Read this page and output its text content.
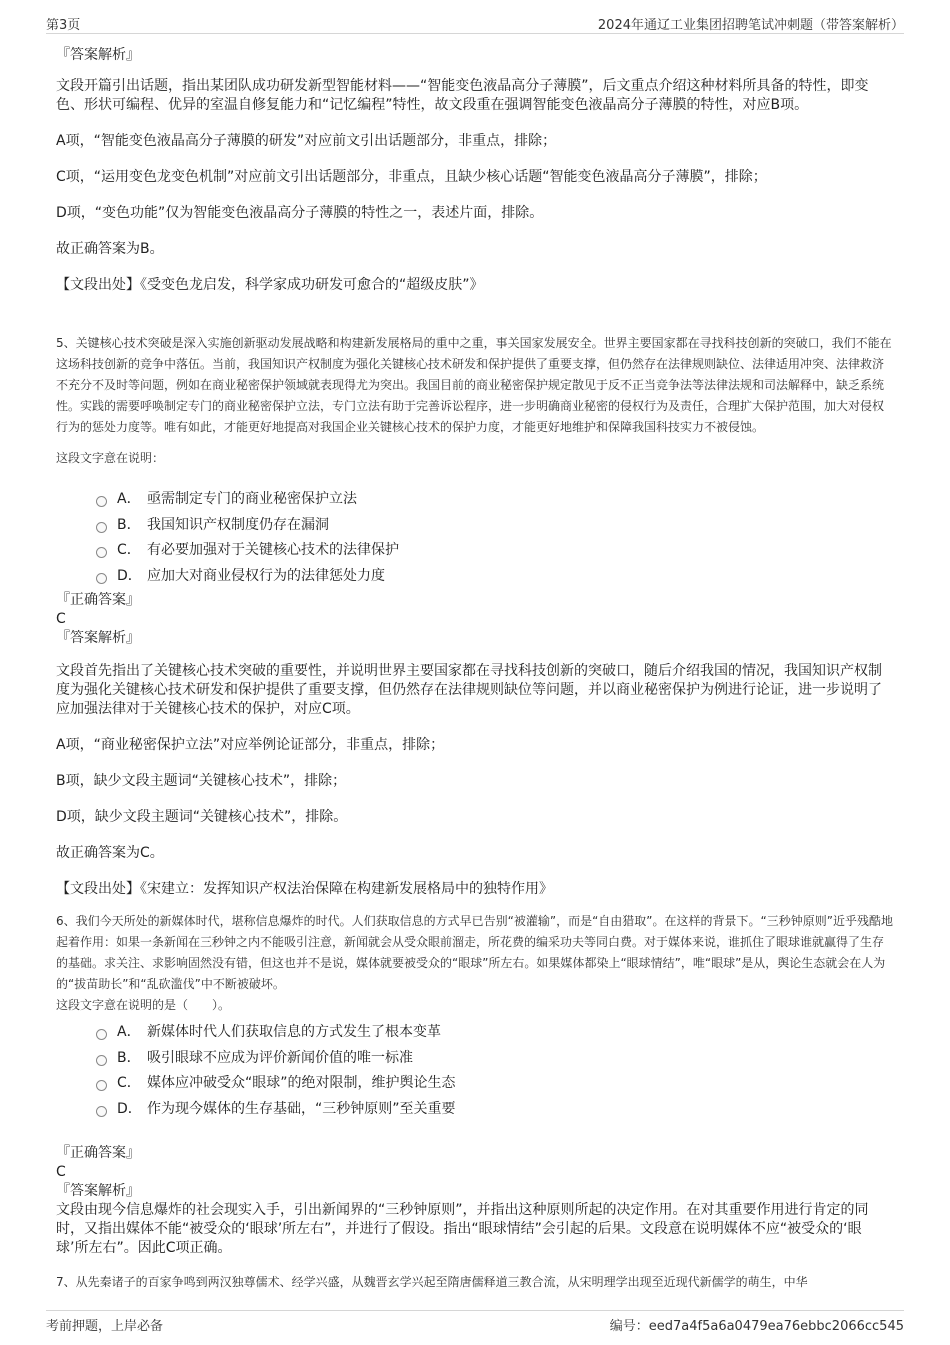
第3页	2024年通辽工业集团招聘笔试冲刺题（带答案解析）

『答案解析』

文段开篇引出话题，指出某团队成功研发新型智能材料——“智能变色液晶高分子薄膜”，后文重点介绍这种材料所具备的特性，即变色、形状可编程、优异的室温自修复能力和“记忆编程”特性，故文段重在强调智能变色液晶高分子薄膜的特性，对应B项。

A项，“智能变色液晶高分子薄膜的研发”对应前文引出话题部分，非重点，排除；

C项，“运用变色龙变色机制”对应前文引出话题部分，非重点，且缺少核心话题“智能变色液晶高分子薄膜”，排除；

D项，“变色功能”仅为智能变色液晶高分子薄膜的特性之一，表述片面，排除。

故正确答案为B。

【文段出处】《受变色龙启发，科学家成功研发可愈合的“超级皮肤”》

5、关键核心技术突破是深入实施创新驱动发展战略和构建新发展格局的重中之重，事关国家发展安全。世界主要国家都在寻找科技创新的突破口，我们不能在这场科技创新的竞争中落伍。当前，我国知识产权制度为强化关键核心技术研发和保护提供了重要支撑，但仍然存在法律规则缺位、法律适用冲突、法律救济不充分不及时等问题，例如在商业秘密保护领域就表现得尤为突出。我国目前的商业秘密保护规定散见于反不正当竞争法等法律法规和司法解释中，缺乏系统性。实践的需要呼唤制定专门的商业秘密保护立法，专门立法有助于完善诉讼程序，进一步明确商业秘密的侵权行为及责任，合理扩大保护范围，加大对侵权行为的惩处力度等。唯有如此，才能更好地提高对我国企业关键核心技术的保护力度，才能更好地维护和保障我国科技实力不被侵蚀。

这段文字意在说明：

A． 亟需制定专门的商业秘密保护立法
B． 我国知识产权制度仍存在漏洞
C． 有必要加强对于关键核心技术的法律保护
D． 应加大对商业侵权行为的法律惩处力度

『正确答案』

C

『答案解析』

文段首先指出了关键核心技术突破的重要性，并说明世界主要国家都在寻找科技创新的突破口，随后介绍我国的情况，我国知识产权制度为强化关键核心技术研发和保护提供了重要支撑，但仍然存在法律规则缺位等问题，并以商业秘密保护为例进行论证，进一步说明了应加强法律对于关键核心技术的保护，对应C项。

A项，“商业秘密保护立法”对应举例论证部分，非重点，排除；

B项，缺少文段主题词“关键核心技术”，排除；

D项，缺少文段主题词“关键核心技术”，排除。

故正确答案为C。

【文段出处】《宋建立：发挥知识产权法治保障在构建新发展格局中的独特作用》

6、我们今天所处的新媒体时代，堪称信息爆炸的时代。人们获取信息的方式早已告别“被灌输”，而是“自由猎取”。在这样的背景下。“三秒钟原则”近乎残酷地起着作用：如果一条新闻在三秒钟之内不能吸引注意，新闻就会从受众眼前溜走，所花费的编采功夫等同白费。对于媒体来说，谁抓住了眼球谁就赢得了生存的基础。求关注、求影响固然没有错，但这也并不是说，媒体就要被受众的“眼球”所左右。如果媒体都染上“眼球情结”，唯“眼球”是从，舆论生态就会在人为的“拔苗助长”和“乱砍滥伐”中不断被破坏。

这段文字意在说明的是（　　）。

A． 新媒体时代人们获取信息的方式发生了根本变革
B． 吸引眼球不应成为评价新闻价值的唯一标准
C． 媒体应冲破受众“眼球”的绝对限制，维护舆论生态
D． 作为现今媒体的生存基础，“三秒钟原则”至关重要

『正确答案』

C

『答案解析』

文段由现今信息爆炸的社会现实入手，引出新闻界的“三秒钟原则”，并指出这种原则所起的决定作用。在对其重要作用进行肯定的同时，又指出媒体不能“被受众的‘眼球’所左右”，并进行了假设。指出“眼球情结”会引起的后果。文段意在说明媒体不应“被受众的‘眼球’所左右”。因此C项正确。

7、从先秦诸子的百家争鸣到两汉独尊儒术、经学兴盛，从魏晋玄学兴起至隋唐儒释道三教合流，从宋明理学出现至近现代新儒学的萌生，中华

考前押题，上岸必备	编号：eed7a4f5a6a0479ea76ebbc2066cc545
